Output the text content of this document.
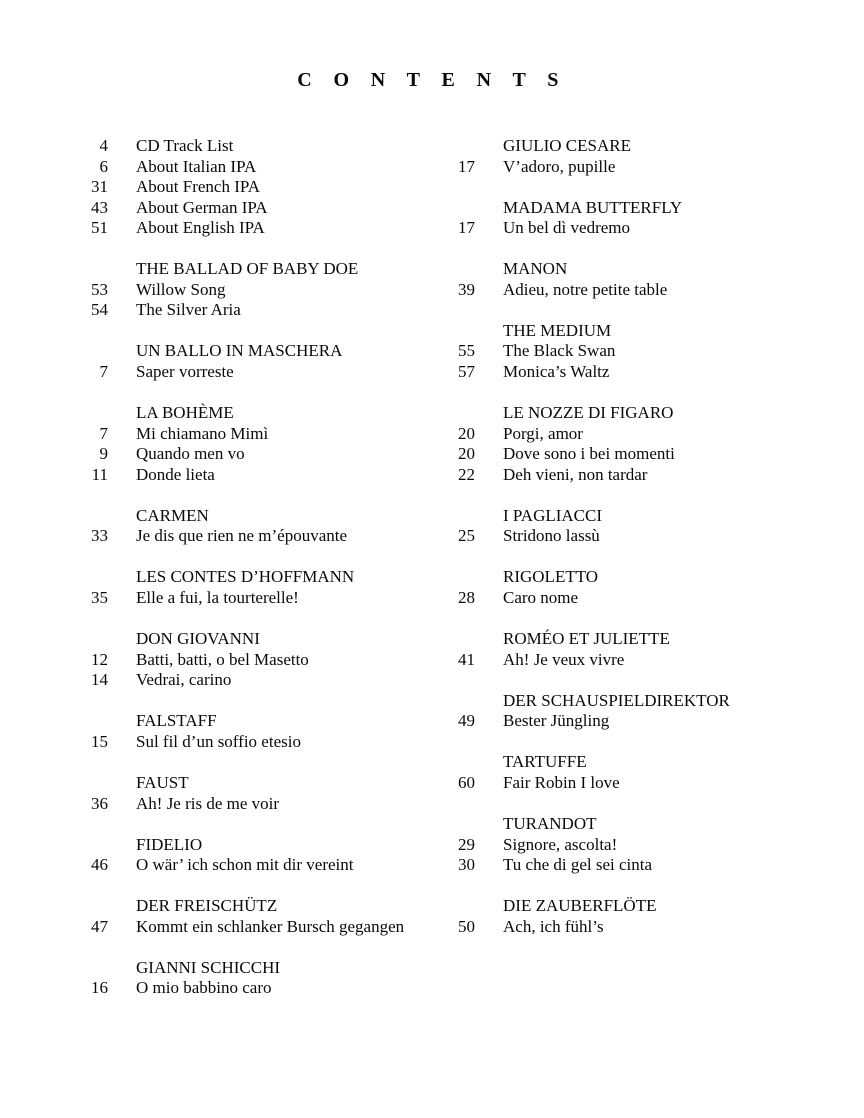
C O N T E N T S
4 CD Track List
6 About Italian IPA
31 About French IPA
43 About German IPA
51 About English IPA
THE BALLAD OF BABY DOE
53 Willow Song
54 The Silver Aria
UN BALLO IN MASCHERA
7 Saper vorreste
LA BOHÈME
7 Mi chiamano Mimì
9 Quando men vo
11 Donde lieta
CARMEN
33 Je dis que rien ne m’épouvante
LES CONTES D’HOFFMANN
35 Elle a fui, la tourterelle!
DON GIOVANNI
12 Batti, batti, o bel Masetto
14 Vedrai, carino
FALSTAFF
15 Sul fil d’un soffio etesio
FAUST
36 Ah! Je ris de me voir
FIDELIO
46 O wär’ ich schon mit dir vereint
DER FREISCHÜTZ
47 Kommt ein schlanker Bursch gegangen
GIANNI SCHICCHI
16 O mio babbino caro
GIULIO CESARE
17 V’adoro, pupille
MADAMA BUTTERFLY
17 Un bel dì vedremo
MANON
39 Adieu, notre petite table
THE MEDIUM
55 The Black Swan
57 Monica’s Waltz
LE NOZZE DI FIGARO
20 Porgi, amor
20 Dove sono i bei momenti
22 Deh vieni, non tardar
I PAGLIACCI
25 Stridono lassù
RIGOLETTO
28 Caro nome
ROMÉO ET JULIETTE
41 Ah! Je veux vivre
DER SCHAUSPIELDIREKTOR
49 Bester Jüngling
TARTUFFE
60 Fair Robin I love
TURANDOT
29 Signore, ascolta!
30 Tu che di gel sei cinta
DIE ZAUBERFLÖTE
50 Ach, ich fühl’s
